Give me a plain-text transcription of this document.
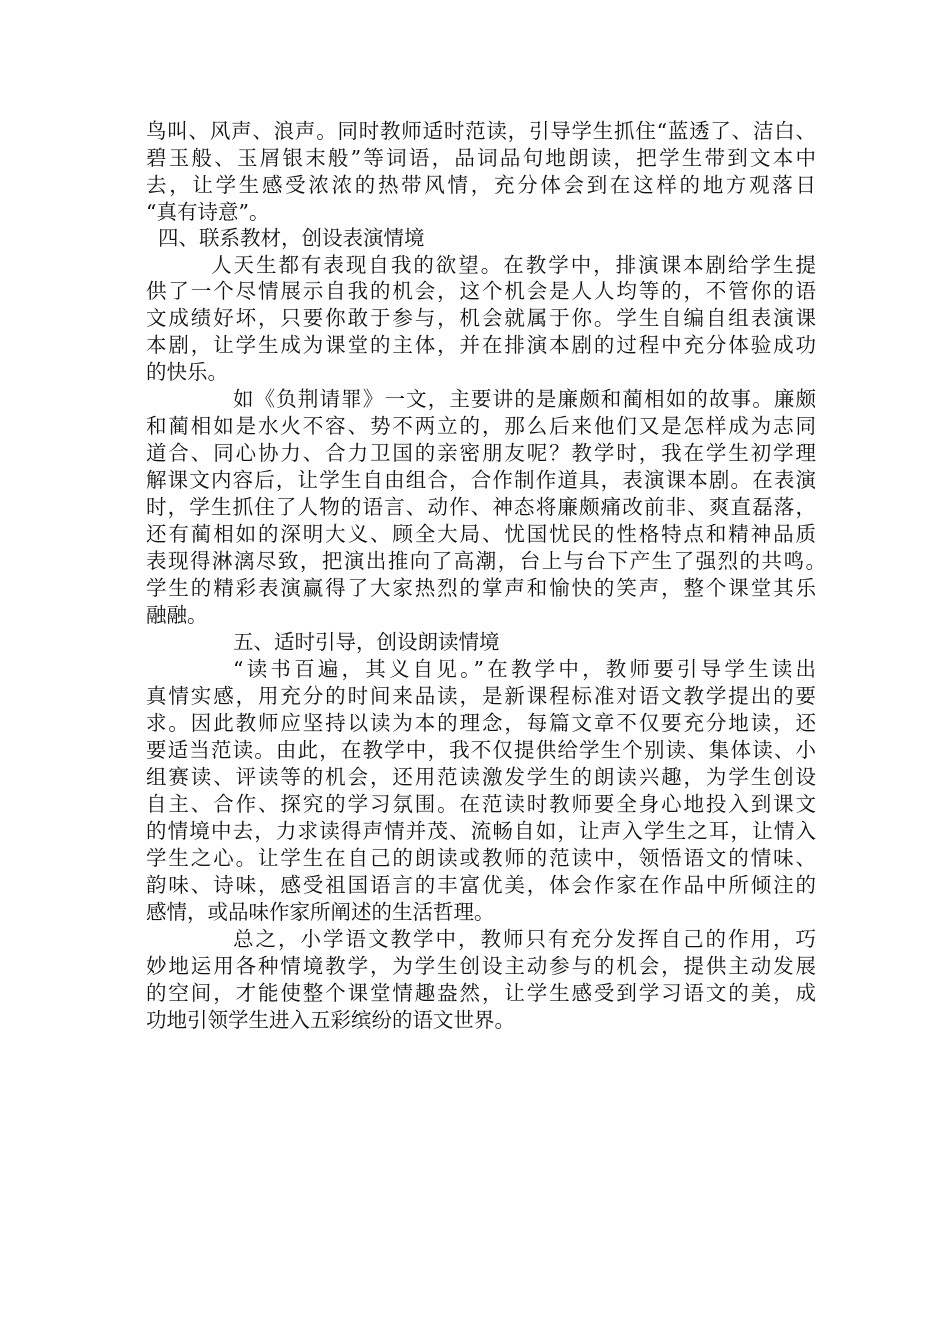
鸟叫、风声、浪声。同时教师适时范读，引导学生抓住“蓝透了、洁白、
碧玉般、玉屑银末般”等词语，品词品句地朗读，把学生带到文本中
去，让学生感受浓浓的热带风情，充分体会到在这样的地方观落日
“真有诗意”。
四、联系教材，创设表演情境
人天生都有表现自我的欲望。在教学中，排演课本剧给学生提
供了一个尽情展示自我的机会，这个机会是人人均等的，不管你的语
文成绩好坏，只要你敢于参与，机会就属于你。学生自编自组表演课
本剧，让学生成为课堂的主体，并在排演本剧的过程中充分体验成功
的快乐。
如《负荆请罪》一文，主要讲的是廉颇和蔺相如的故事。廉颇
和蔺相如是水火不容、势不两立的，那么后来他们又是怎样成为志同
道合、同心协力、合力卫国的亲密朋友呢？教学时，我在学生初学理
解课文内容后，让学生自由组合，合作制作道具，表演课本剧。在表演
时，学生抓住了人物的语言、动作、神态将廉颇痛改前非、爽直磊落，
还有蔺相如的深明大义、顾全大局、忧国忧民的性格特点和精神品质
表现得淋漓尽致，把演出推向了高潮，台上与台下产生了强烈的共鸣。
学生的精彩表演赢得了大家热烈的掌声和愉快的笑声，整个课堂其乐
融融。
五、适时引导，创设朗读情境
“读书百遍，其义自见。”在教学中，教师要引导学生读出
真情实感，用充分的时间来品读，是新课程标准对语文教学提出的要
求。因此教师应坚持以读为本的理念，每篇文章不仅要充分地读，还
要适当范读。由此，在教学中，我不仅提供给学生个别读、集体读、小
组赛读、评读等的机会，还用范读激发学生的朗读兴趣，为学生创设
自主、合作、探究的学习氛围。在范读时教师要全身心地投入到课文
的情境中去，力求读得声情并茂、流畅自如，让声入学生之耳，让情入
学生之心。让学生在自己的朗读或教师的范读中，领悟语文的情味、
韵味、诗味，感受祖国语言的丰富优美，体会作家在作品中所倾注的
感情，或品味作家所阐述的生活哲理。
总之，小学语文教学中，教师只有充分发挥自己的作用，巧
妙地运用各种情境教学，为学生创设主动参与的机会，提供主动发展
的空间，才能使整个课堂情趣盎然，让学生感受到学习语文的美，成
功地引领学生进入五彩缤纷的语文世界。
